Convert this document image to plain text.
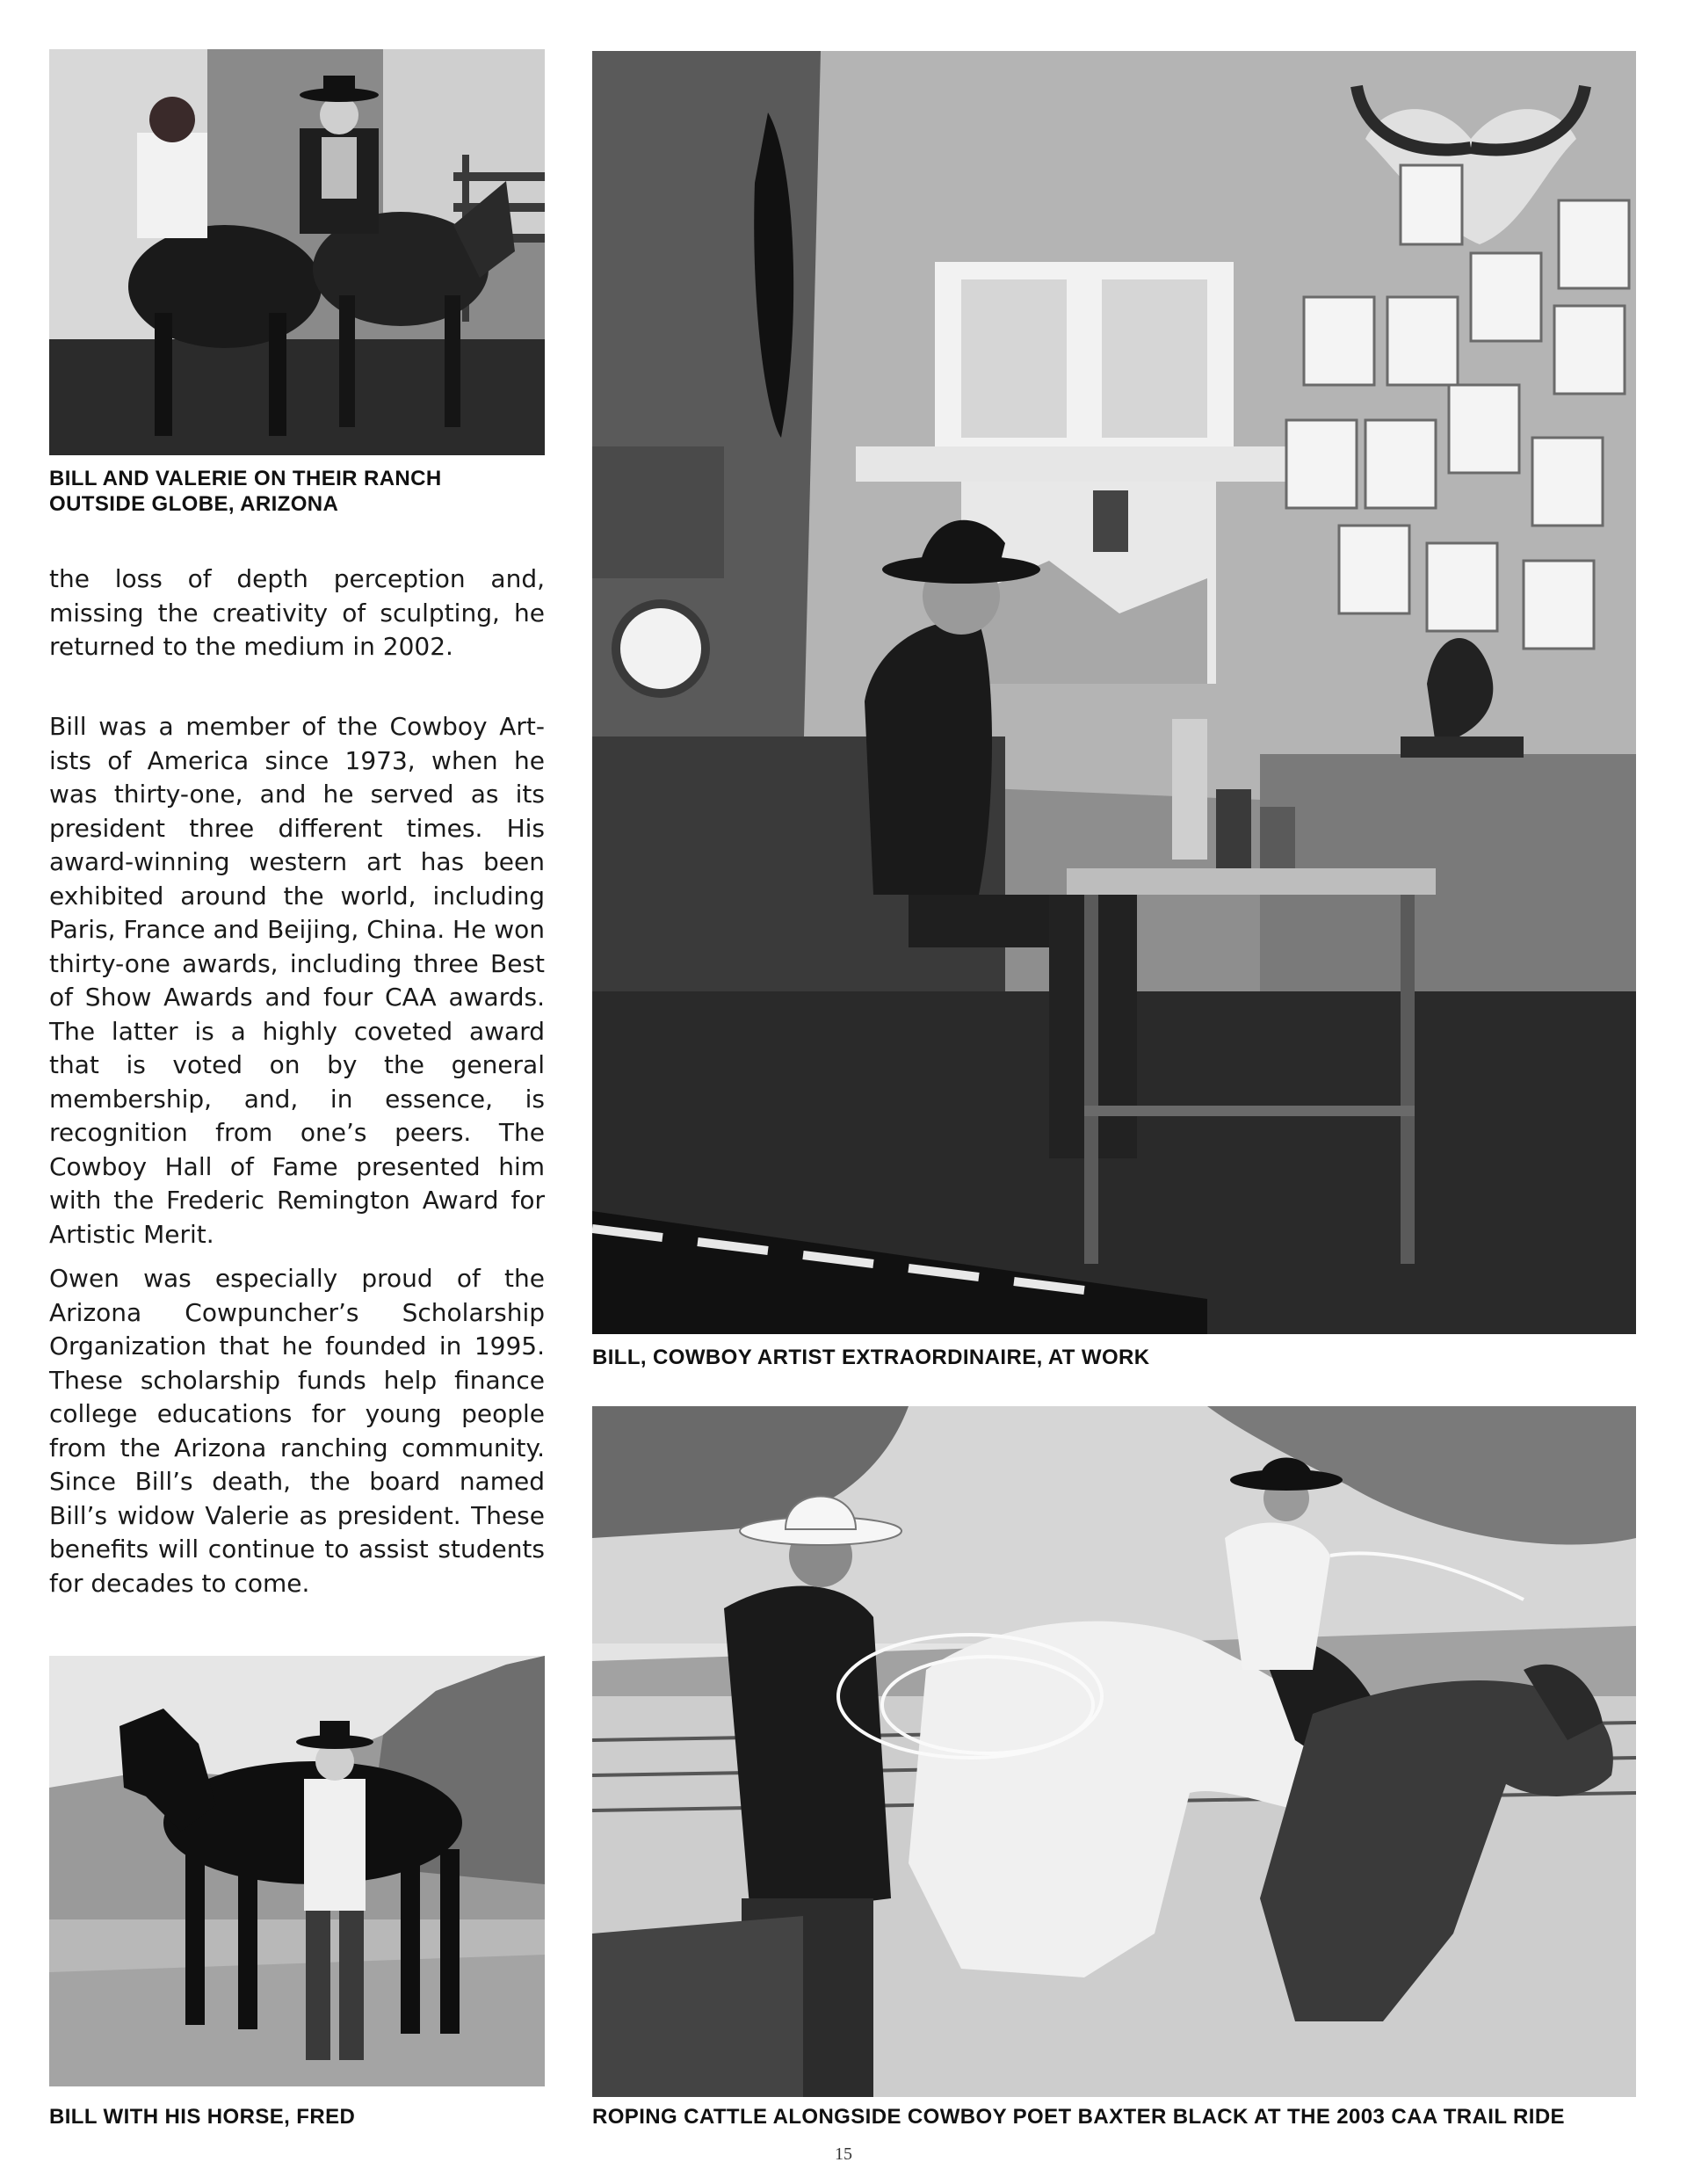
BILL AND VALERIE ON THEIR RANCH
OUTSIDE GLOBE, ARIZONA

the loss of depth perception and, missing the creativity of sculpting, he returned to the medium in 2002.

Bill was a member of the Cowboy Artists of America since 1973, when he was thirty-one, and he served as its president three different times. His award-winning western art has been exhibited around the world, including Paris, France and Beijing, China. He won thirty-one awards, including three Best of Show Awards and four CAA awards. The latter is a highly coveted award that is voted on by the general membership, and, in essence, is recognition from one’s peers. The Cowboy Hall of Fame presented him with the Frederic Remington Award for Artistic Merit.

Owen was especially proud of the Arizona Cowpuncher’s Scholarship Organization that he founded in 1995. These scholarship funds help finance college educations for young people from the Arizona ranching community. Since Bill’s death, the board named Bill’s widow Valerie as president. These benefits will continue to assist students for decades to come.

BILL WITH HIS HORSE, FRED
BILL, COWBOY ARTIST EXTRAORDINAIRE, AT WORK
ROPING CATTLE ALONGSIDE COWBOY POET BAXTER BLACK AT THE 2003 CAA TRAIL RIDE
15
